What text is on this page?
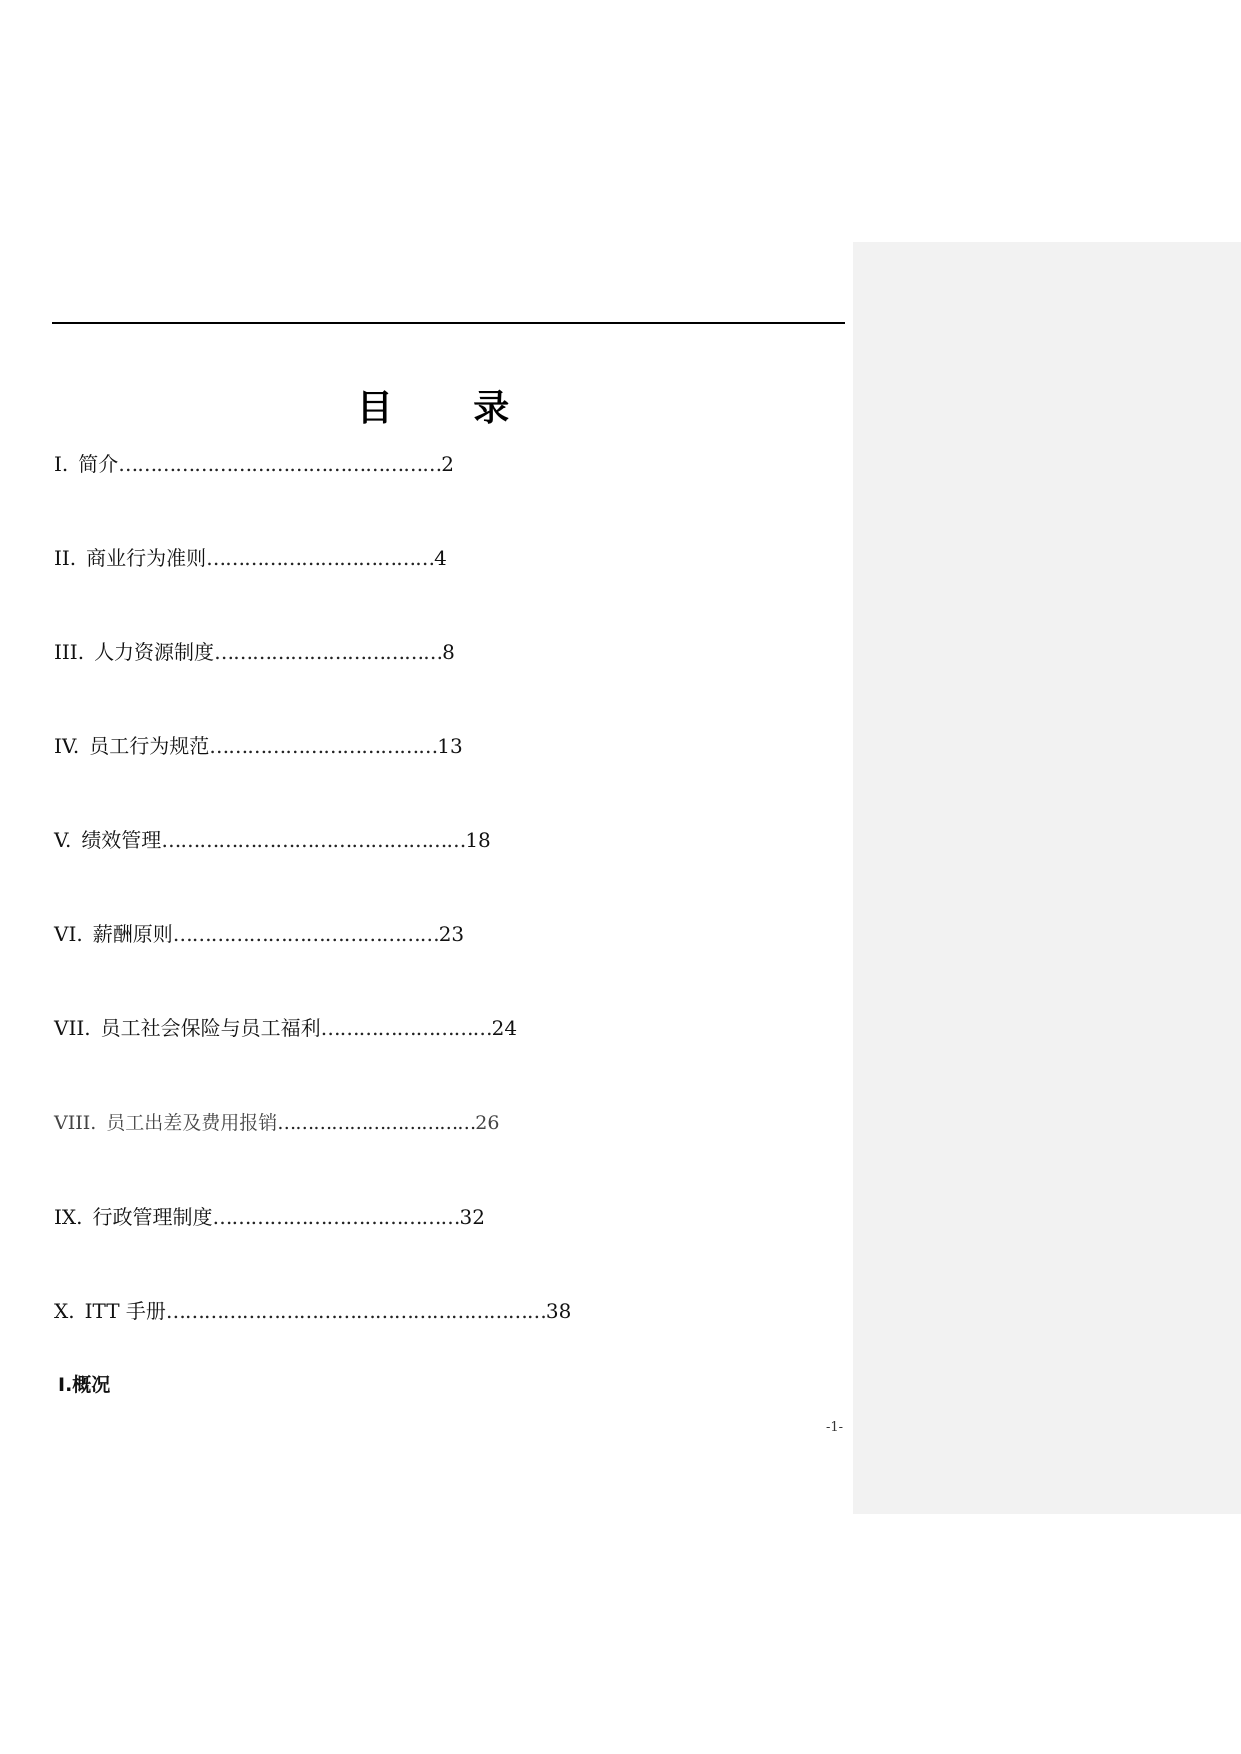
目 录
I. 简介……………………………………………2
II. 商业行为准则………………………………4
III. 人力资源制度………………………………8
IV. 员工行为规范………………………………13
V. 绩效管理…………………………………………18
VI. 薪酬原则……………………………………23
VII. 员工社会保险与员工福利………………………24
VIII. 员工出差及费用报销……………………………26
IX. 行政管理制度…………………………………32
X. ITT 手册……………………………………………………38
Ⅰ.概况
-1-
